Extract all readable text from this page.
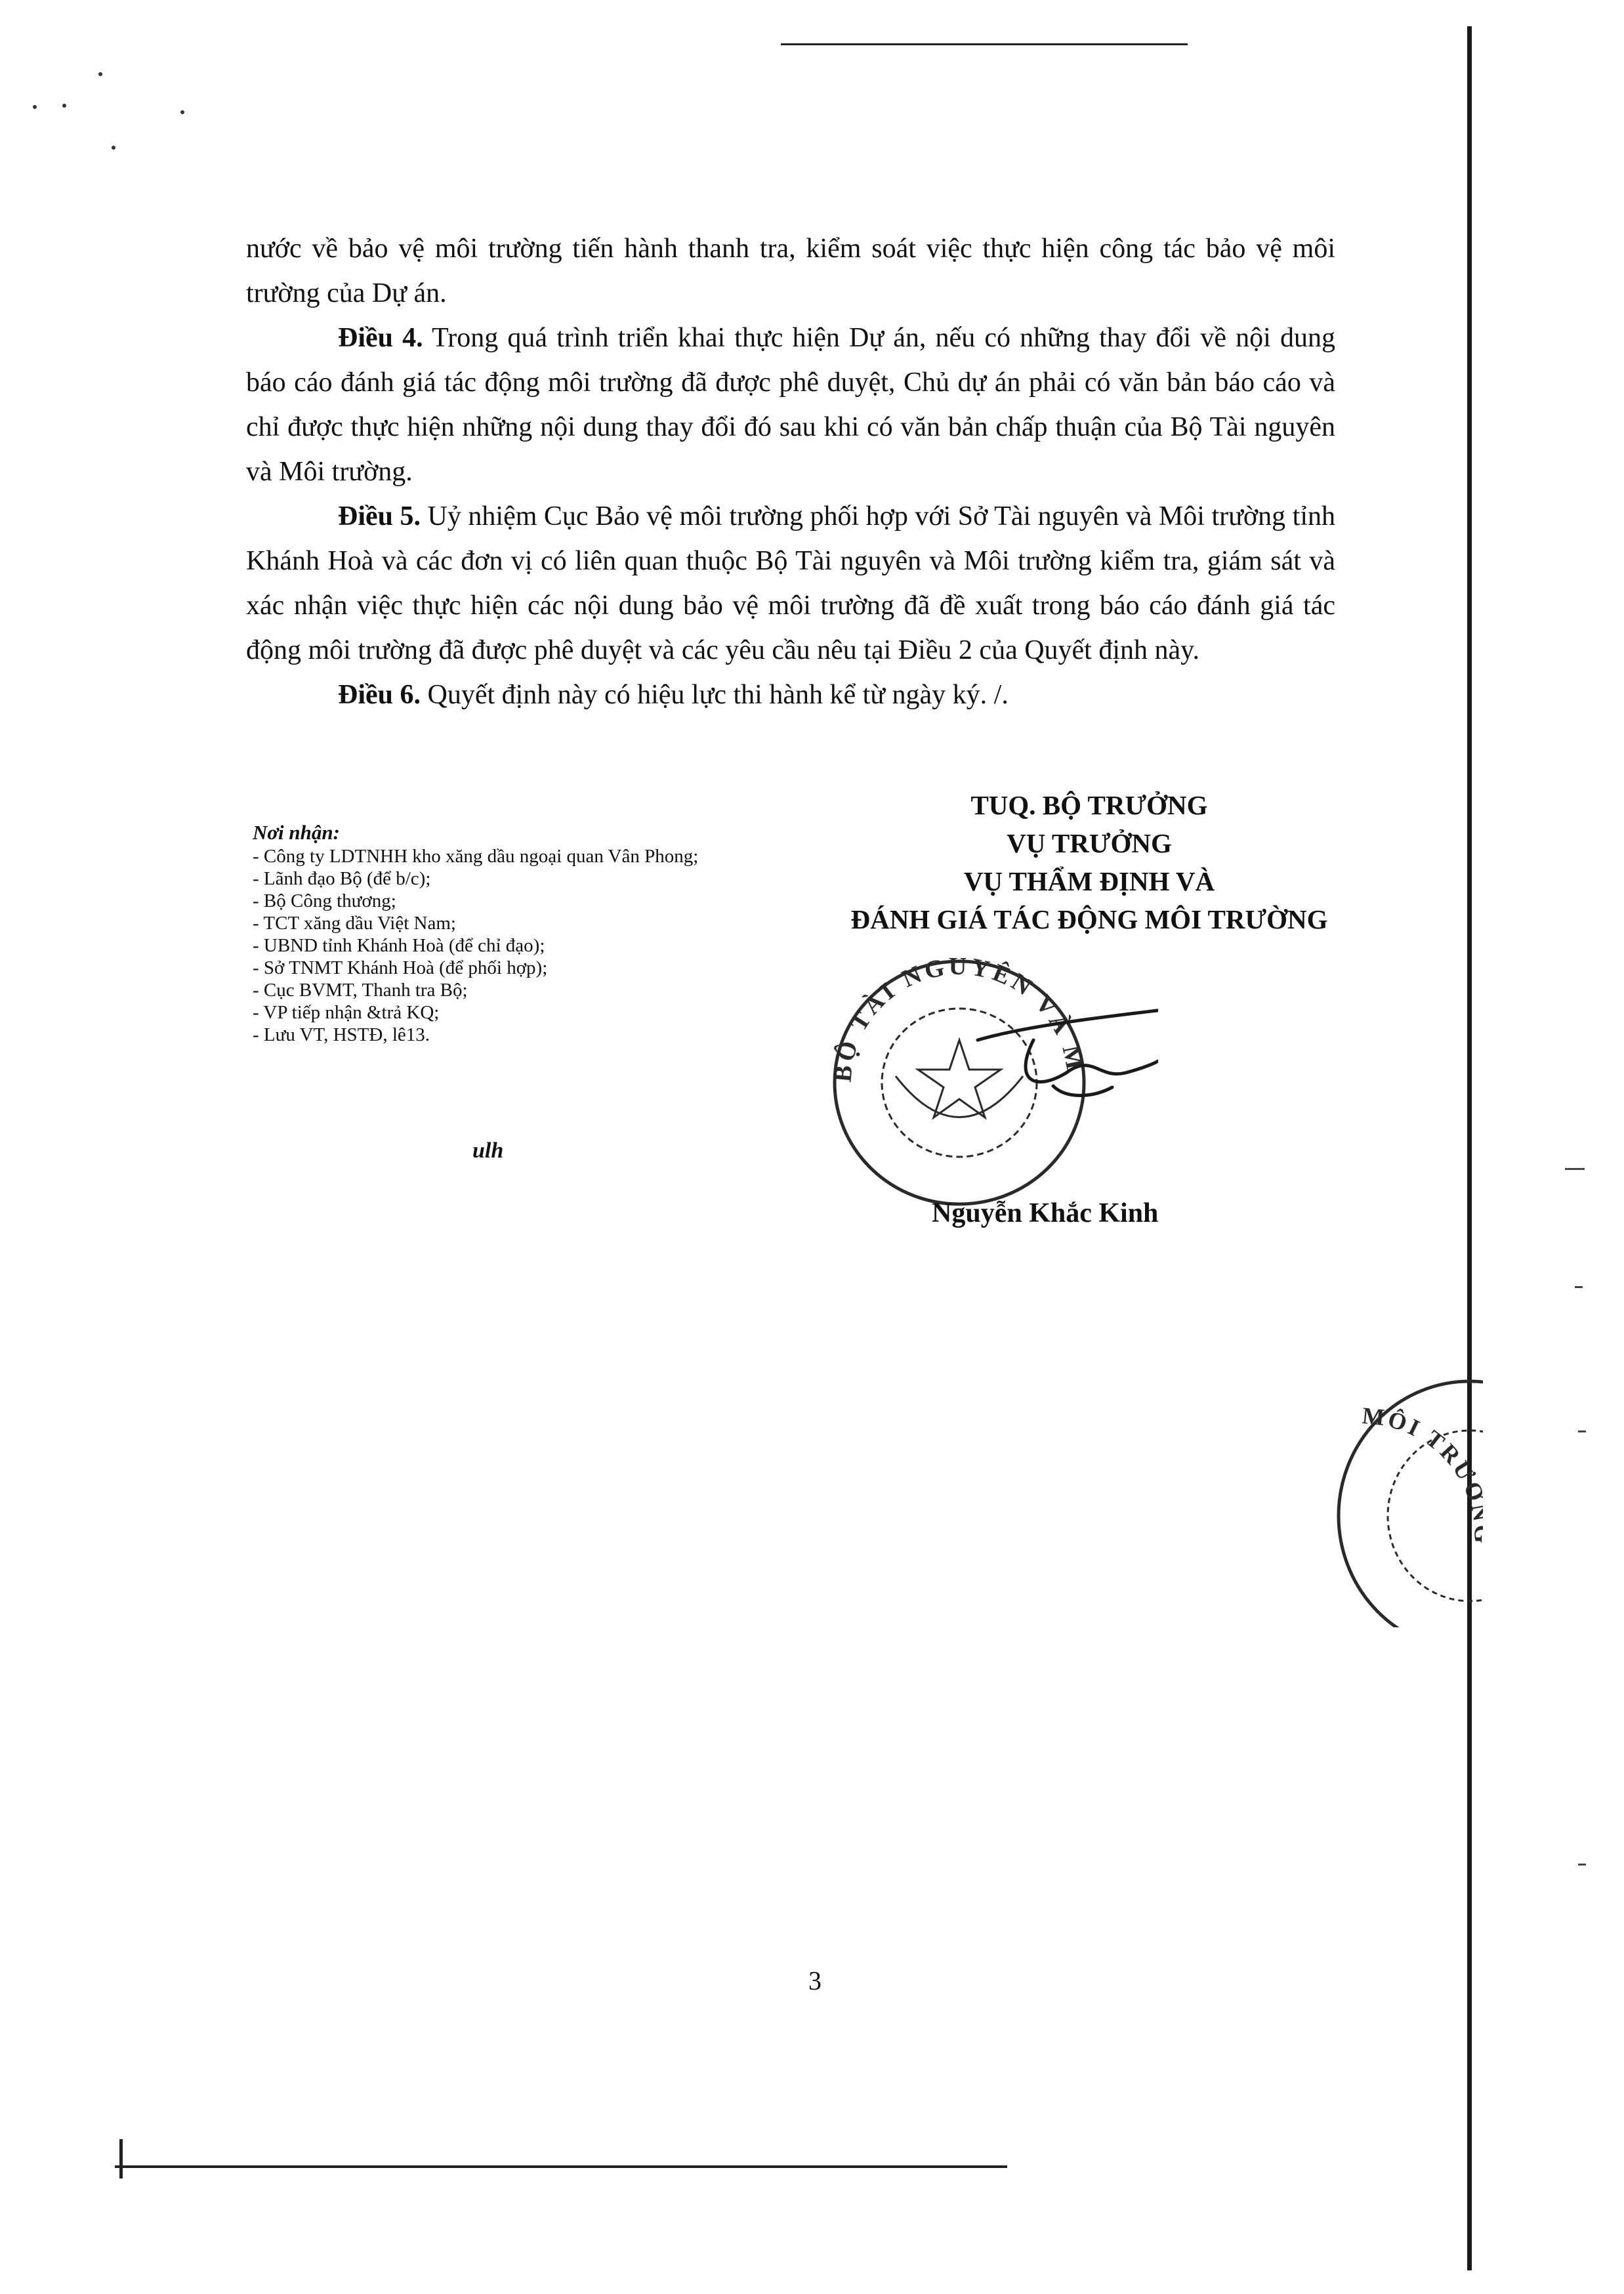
nước về bảo vệ môi trường tiến hành thanh tra, kiểm soát việc thực hiện công tác bảo vệ môi trường của Dự án.

Điều 4. Trong quá trình triển khai thực hiện Dự án, nếu có những thay đổi về nội dung báo cáo đánh giá tác động môi trường đã được phê duyệt, Chủ dự án phải có văn bản báo cáo và chỉ được thực hiện những nội dung thay đổi đó sau khi có văn bản chấp thuận của Bộ Tài nguyên và Môi trường.

Điều 5. Uỷ nhiệm Cục Bảo vệ môi trường phối hợp với Sở Tài nguyên và Môi trường tỉnh Khánh Hoà và các đơn vị có liên quan thuộc Bộ Tài nguyên và Môi trường kiểm tra, giám sát và xác nhận việc thực hiện các nội dung bảo vệ môi trường đã đề xuất trong báo cáo đánh giá tác động môi trường đã được phê duyệt và các yêu cầu nêu tại Điều 2 của Quyết định này.

Điều 6. Quyết định này có hiệu lực thi hành kể từ ngày ký. /.

Nơi nhận:
- Công ty LDTNHH kho xăng dầu ngoại quan Vân Phong;
- Lãnh đạo Bộ (để b/c);
- Bộ Công thương;
- TCT xăng dầu Việt Nam;
- UBND tỉnh Khánh Hoà (để chỉ đạo);
- Sở TNMT Khánh Hoà (để phối hợp);
- Cục BVMT, Thanh tra Bộ;
- VP tiếp nhận &trả KQ;
- Lưu VT, HSTĐ, lê13.
ulh
TUQ. BỘ TRƯỞNG
VỤ TRƯỞNG
VỤ THẨM ĐỊNH VÀ
ĐÁNH GIÁ TÁC ĐỘNG MÔI TRƯỜNG
BỘ TÀI NGUYÊN VÀ M
Nguyễn Khắc Kinh
MÔI TRƯ
3
